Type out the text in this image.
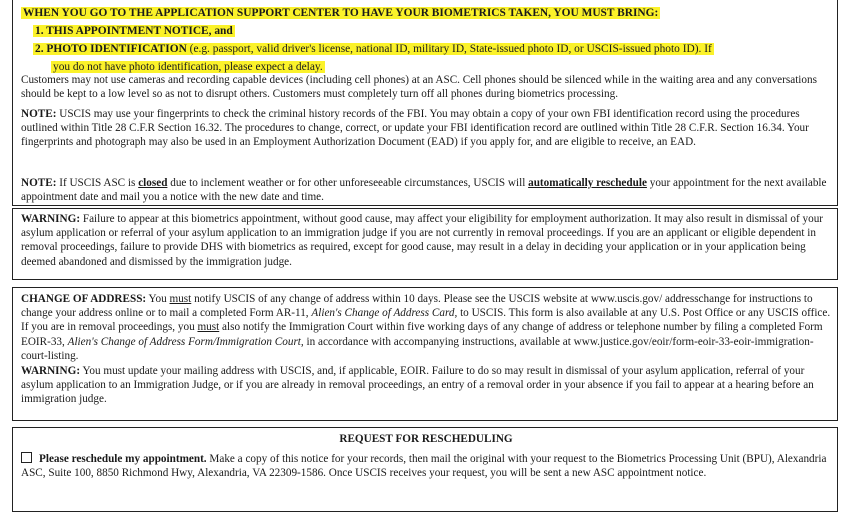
WHEN YOU GO TO THE APPLICATION SUPPORT CENTER TO HAVE YOUR BIOMETRICS TAKEN, YOU MUST BRING:
1. THIS APPOINTMENT NOTICE, and
2. PHOTO IDENTIFICATION (e.g. passport, valid driver's license, national ID, military ID, State-issued photo ID, or USCIS-issued photo ID). If
you do not have photo identification, please expect a delay.
Customers may not use cameras and recording capable devices (including cell phones) at an ASC. Cell phones should be silenced while in the waiting area and any conversations should be kept to a low level so as not to disrupt others. Customers must completely turn off all phones during biometrics processing.
NOTE: USCIS may use your fingerprints to check the criminal history records of the FBI. You may obtain a copy of your own FBI identification record using the procedures outlined within Title 28 C.F.R Section 16.32. The procedures to change, correct, or update your FBI identification record are outlined within Title 28 C.F.R. Section 16.34. Your fingerprints and photograph may also be used in an Employment Authorization Document (EAD) if you apply for, and are eligible to receive, an EAD.
NOTE: If USCIS ASC is closed due to inclement weather or for other unforeseeable circumstances, USCIS will automatically reschedule your appointment for the next available appointment date and mail you a notice with the new date and time.
WARNING: Failure to appear at this biometrics appointment, without good cause, may affect your eligibility for employment authorization. It may also result in dismissal of your asylum application or referral of your asylum application to an immigration judge if you are not currently in removal proceedings. If you are an applicant or eligible dependent in removal proceedings, failure to provide DHS with biometrics as required, except for good cause, may result in a delay in deciding your application or in your application being deemed abandoned and dismissed by the immigration judge.
CHANGE OF ADDRESS: You must notify USCIS of any change of address within 10 days. Please see the USCIS website at www.uscis.gov/ addresschange for instructions to change your address online or to mail a completed Form AR-11, Alien's Change of Address Card, to USCIS. This form is also available at any U.S. Post Office or any USCIS office. If you are in removal proceedings, you must also notify the Immigration Court within five working days of any change of address or telephone number by filing a completed Form EOIR-33, Alien's Change of Address Form/Immigration Court, in accordance with accompanying instructions, available at www.justice.gov/eoir/form-eoir-33-eoir-immigration-court-listing.
WARNING: You must update your mailing address with USCIS, and, if applicable, EOIR. Failure to do so may result in dismissal of your asylum application, referral of your asylum application to an Immigration Judge, or if you are already in removal proceedings, an entry of a removal order in your absence if you fail to appear at a hearing before an immigration judge.
REQUEST FOR RESCHEDULING
Please reschedule my appointment. Make a copy of this notice for your records, then mail the original with your request to the Biometrics Processing Unit (BPU), Alexandria ASC, Suite 100, 8850 Richmond Hwy, Alexandria, VA 22309-1586. Once USCIS receives your request, you will be sent a new ASC appointment notice.
